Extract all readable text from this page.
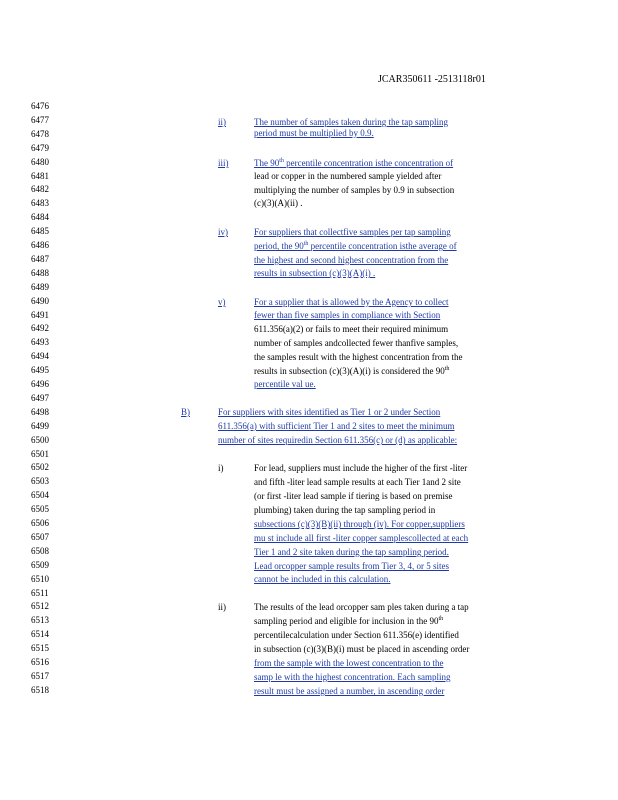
JCAR350611 -2513118r01
6476
6477
6478
6479
6480
6481
6482
6483
6484
6485
6486
6487
6488
6489
6490
6491
6492
6493
6494
6495
6496
6497
6498
6499
6500
6501
6502
6503
6504
6505
6506
6507
6508
6509
6510
6511
6512
6513
6514
6515
6516
6517
6518
ii)	The number of samples taken during the tap sampling
period must be multiplied by 0.9.
iii)	The 90th percentile concentration isthe concentration of
lead or copper in the numbered sample yielded after
multiplying the number of samples by 0.9 in subsection
(c)(3)(A)(ii) .
iv)	For suppliers that collectfive samples per tap sampling
period, the 90th percentile concentration isthe average of
the highest and second highest concentration from the
results in subsection (c)(3)(A)(i) .
v)	For a supplier that is allowed by the Agency to collect
fewer than five samples in compliance with Section
611.356(a)(2) or fails to meet their required minimum
number of samples andcollected fewer thanfive samples,
the samples result with the highest concentration from the
results in subsection (c)(3)(A)(i) is considered the 90th
percentile val ue.
B)	For suppliers with sites identified as Tier 1 or 2 under Section
611.356(a) with sufficient Tier 1 and 2 sites to meet the minimum
number of sites requiredin Section 611.356(c) or (d) as applicable:
i)	For lead, suppliers must include the higher of the first -liter
and fifth -liter lead sample results at each Tier 1and 2 site
(or first -liter lead sample if tiering is based on premise
plumbing) taken during the tap sampling period in
subsections (c)(3)(B)(ii) through (iv). For copper,suppliers
mu st include all first -liter copper samplescollected at each
Tier 1 and 2 site taken during the tap sampling period.
Lead orcopper sample results from Tier 3, 4, or 5 sites
cannot be included in this calculation.
ii)	The results of the lead orcopper sam ples taken during a tap
sampling period and eligible for inclusion in the 90th
percentilecalculation under Section 611.356(e) identified
in subsection (c)(3)(B)(i) must be placed in ascending order
from the sample with the lowest concentration to the
samp le with the highest concentration. Each sampling
result must be assigned a number, in ascending order
